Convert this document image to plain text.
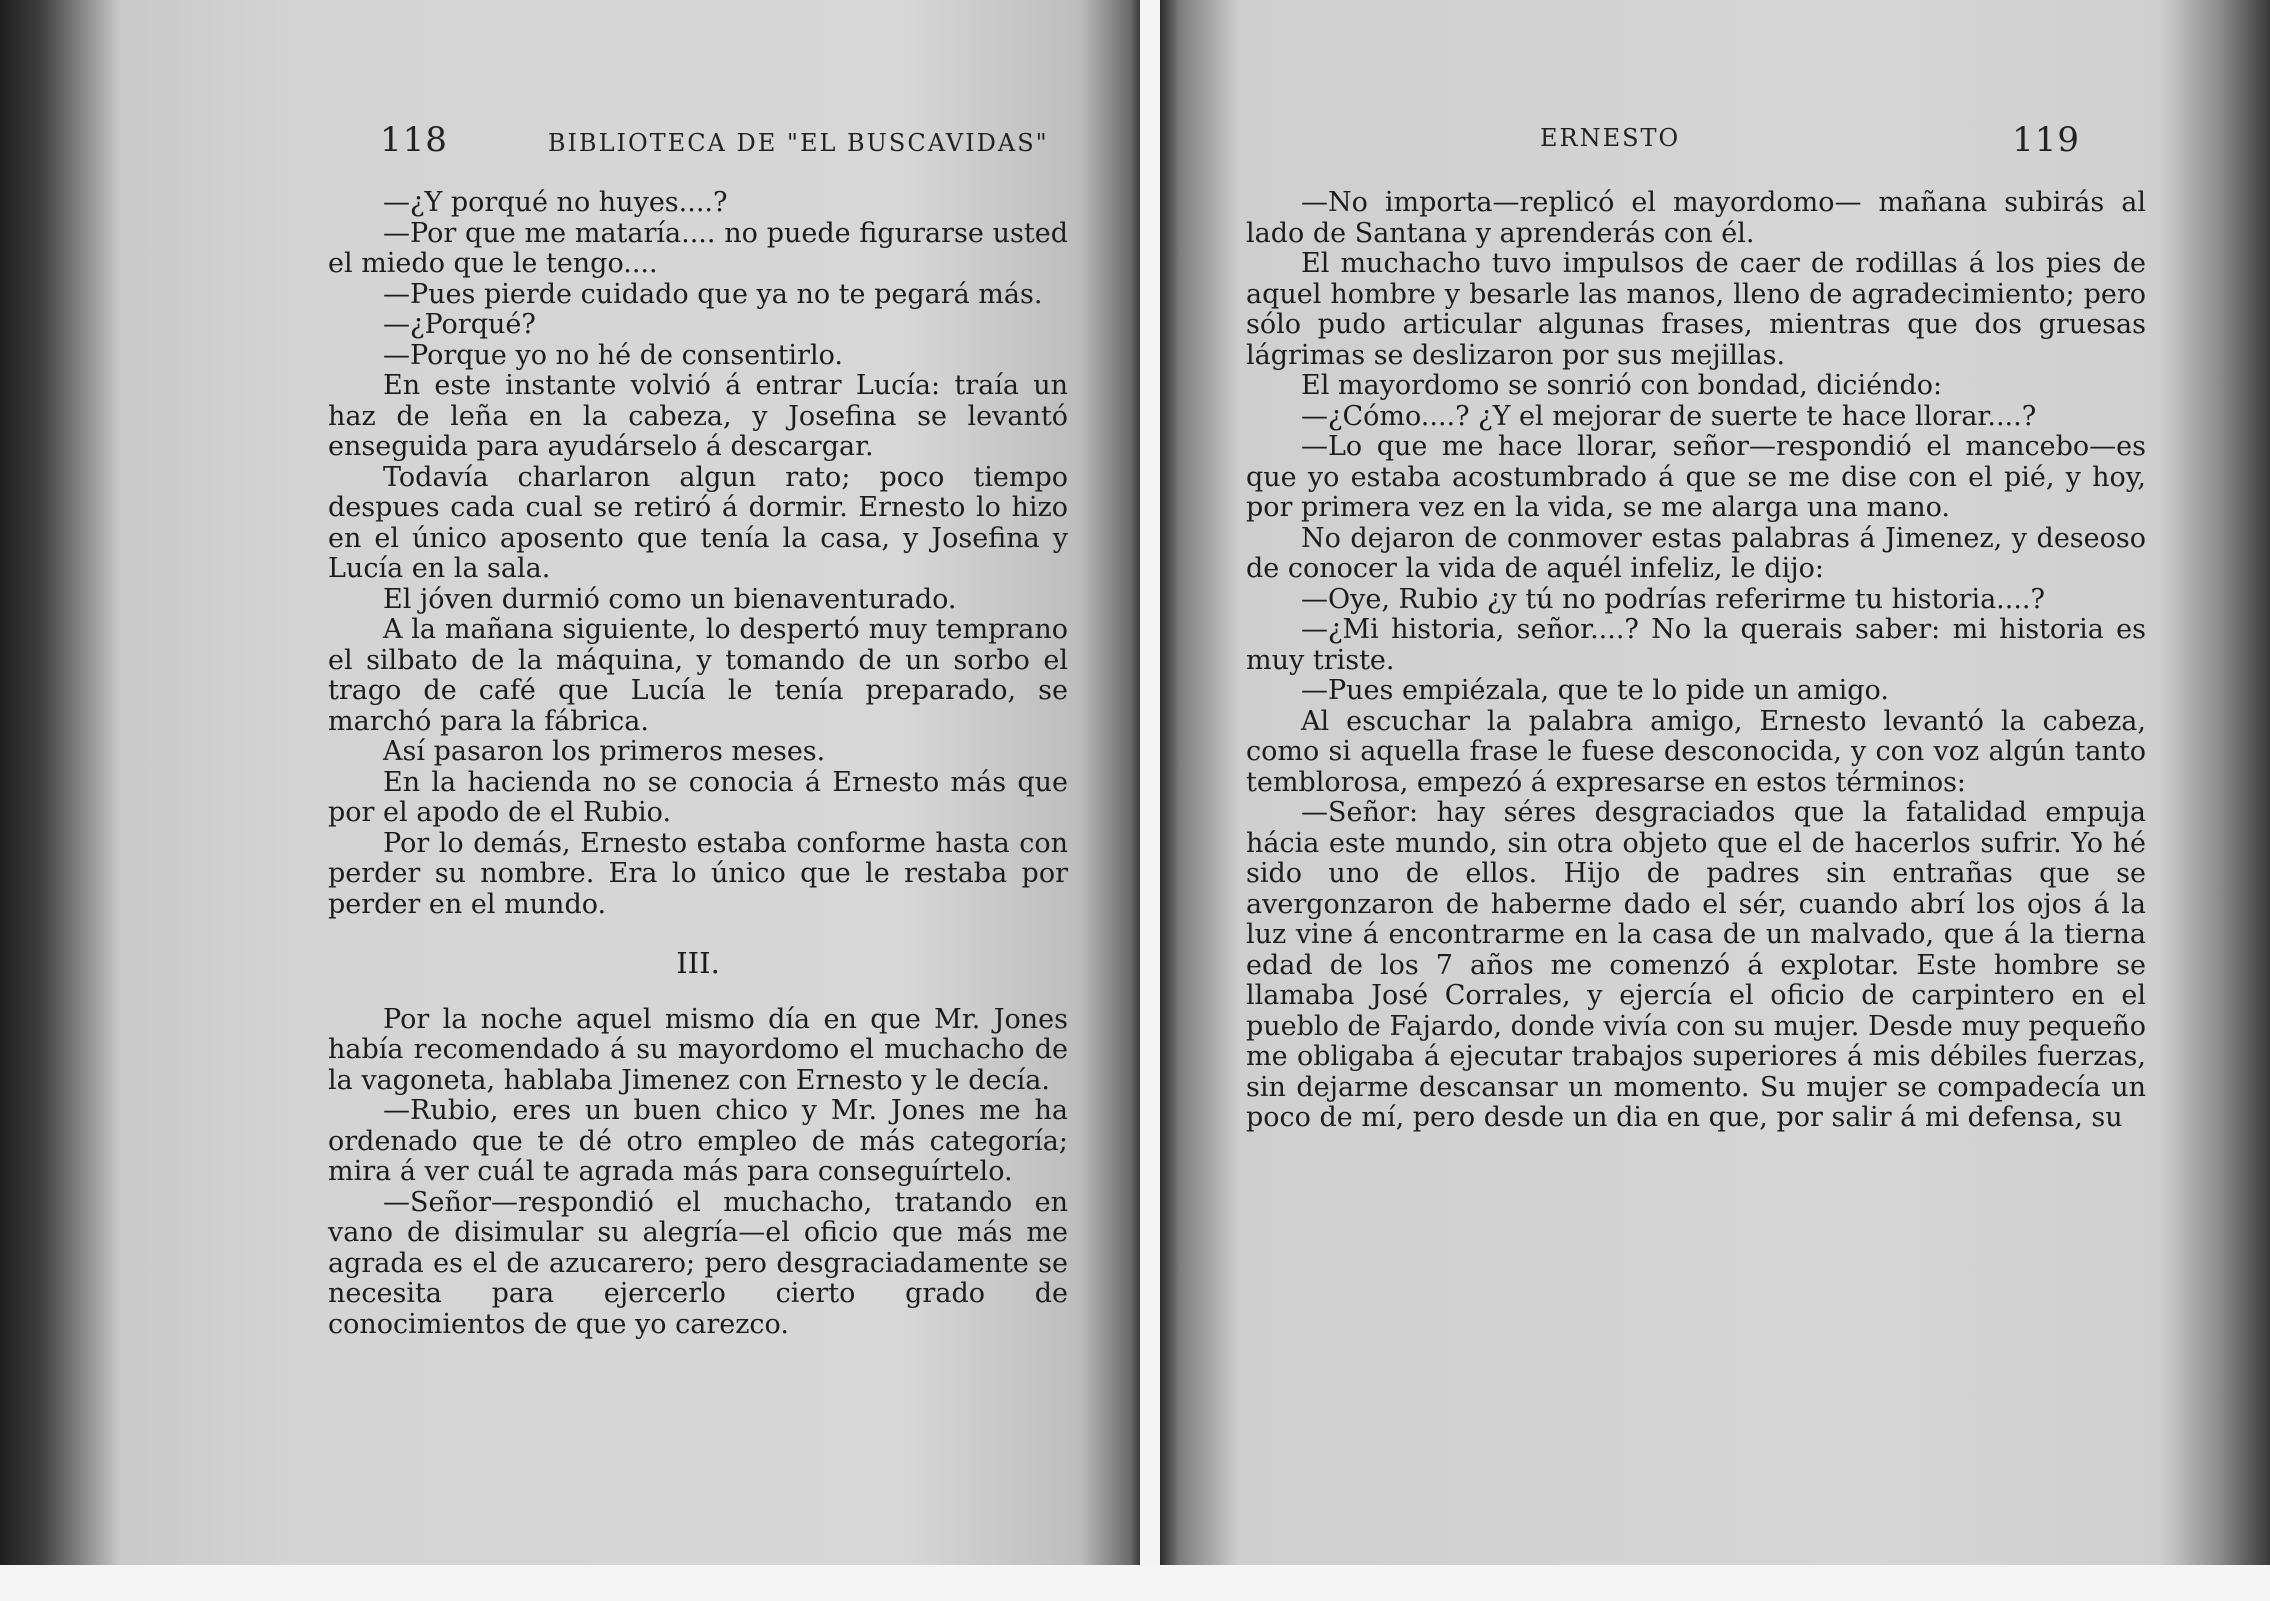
118	BIBLIOTECA DE "EL BUSCAVIDAS"

—¿Y porqué no huyes....?

—Por que me mataría.... no puede figurarse usted el miedo que le tengo....

—Pues pierde cuidado que ya no te pegará más.

—¿Porqué?

—Porque yo no hé de consentirlo.

En este instante volvió á entrar Lucía: traía un haz de leña en la cabeza, y Josefina se levantó enseguida para ayudárselo á descargar.

Todavía charlaron algun rato; poco tiempo despues cada cual se retiró á dormir. Ernesto lo hizo en el único aposento que tenía la casa, y Josefina y Lucía en la sala.

El jóven durmió como un bienaventurado.

A la mañana siguiente, lo despertó muy temprano el silbato de la máquina, y tomando de un sorbo el trago de café que Lucía le tenía preparado, se marchó para la fábrica.

Así pasaron los primeros meses.

En la hacienda no se conocia á Ernesto más que por el apodo de el Rubio.

Por lo demás, Ernesto estaba conforme hasta con perder su nombre. Era lo único que le restaba por perder en el mundo.

III.

Por la noche aquel mismo día en que Mr. Jones había recomendado á su mayordomo el muchacho de la vagoneta, hablaba Jimenez con Ernesto y le decía.

—Rubio, eres un buen chico y Mr. Jones me ha ordenado que te dé otro empleo de más categoría; mira á ver cuál te agrada más para conseguírtelo.

—Señor—respondió el muchacho, tratando en vano de disimular su alegría—el oficio que más me agrada es el de azucarero; pero desgraciadamente se necesita para ejercerlo cierto grado de conocimientos de que yo carezco.

ERNESTO	119

—No importa—replicó el mayordomo— mañana subirás al lado de Santana y aprenderás con él.

El muchacho tuvo impulsos de caer de rodillas á los pies de aquel hombre y besarle las manos, lleno de agradecimiento; pero sólo pudo articular algunas frases, mientras que dos gruesas lágrimas se deslizaron por sus mejillas.

El mayordomo se sonrió con bondad, diciéndo:

—¿Cómo....? ¿Y el mejorar de suerte te hace llorar....?

—Lo que me hace llorar, señor—respondió el mancebo—es que yo estaba acostumbrado á que se me dise con el pié, y hoy, por primera vez en la vida, se me alarga una mano.

No dejaron de conmover estas palabras á Jimenez, y deseoso de conocer la vida de aquél infeliz, le dijo:

—Oye, Rubio ¿y tú no podrías referirme tu historia....?

—¿Mi historia, señor....? No la querais saber: mi historia es muy triste.

—Pues empiézala, que te lo pide un amigo.

Al escuchar la palabra amigo, Ernesto levantó la cabeza, como si aquella frase le fuese desconocida, y con voz algún tanto temblorosa, empezó á expresarse en estos términos:

—Señor: hay séres desgraciados que la fatalidad empuja hácia este mundo, sin otra objeto que el de hacerlos sufrir. Yo hé sido uno de ellos. Hijo de padres sin entrañas que se avergonzaron de haberme dado el sér, cuando abrí los ojos á la luz vine á encontrarme en la casa de un malvado, que á la tierna edad de los 7 años me comenzó á explotar. Este hombre se llamaba José Corrales, y ejercía el oficio de carpintero en el pueblo de Fajardo, donde vivía con su mujer. Desde muy pequeño me obligaba á ejecutar trabajos superiores á mis débiles fuerzas, sin dejarme descansar un momento. Su mujer se compadecía un poco de mí, pero desde un dia en que, por salir á mi defensa, su
